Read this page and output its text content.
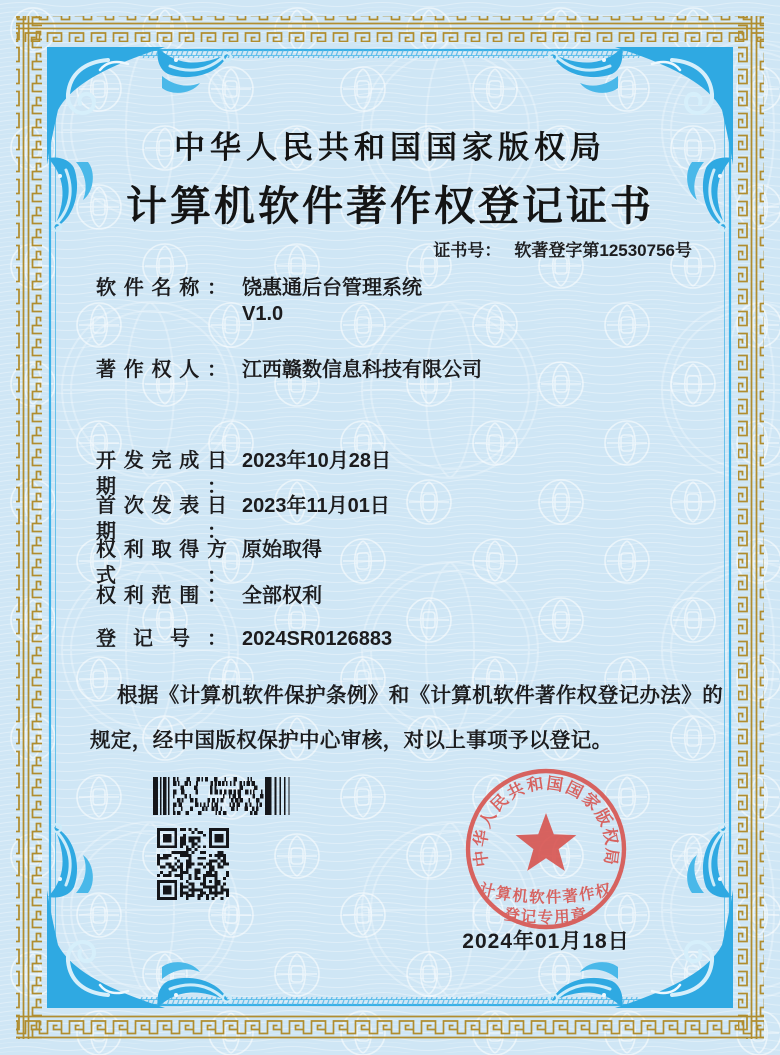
中华人民共和国国家版权局
计算机软件著作权登记证书
证书号： 软著登字第12530756号
软件名称： 饶惠通后台管理系统
V1.0
著作权人： 江西赣数信息科技有限公司
开发完成日期：
2023年10月28日
首次发表日期：
2023年11月01日
权利取得方式：
原始取得
权利范围： 全部权利
登记号： 2024SR0126883
根据《计算机软件保护条例》和《计算机软件著作权登记办法》的
规定，经中国版权保护中心审核，对以上事项予以登记。
中华人民共和国国家版权局
计算机软件著作权
登记专用章
2024年01月18日
